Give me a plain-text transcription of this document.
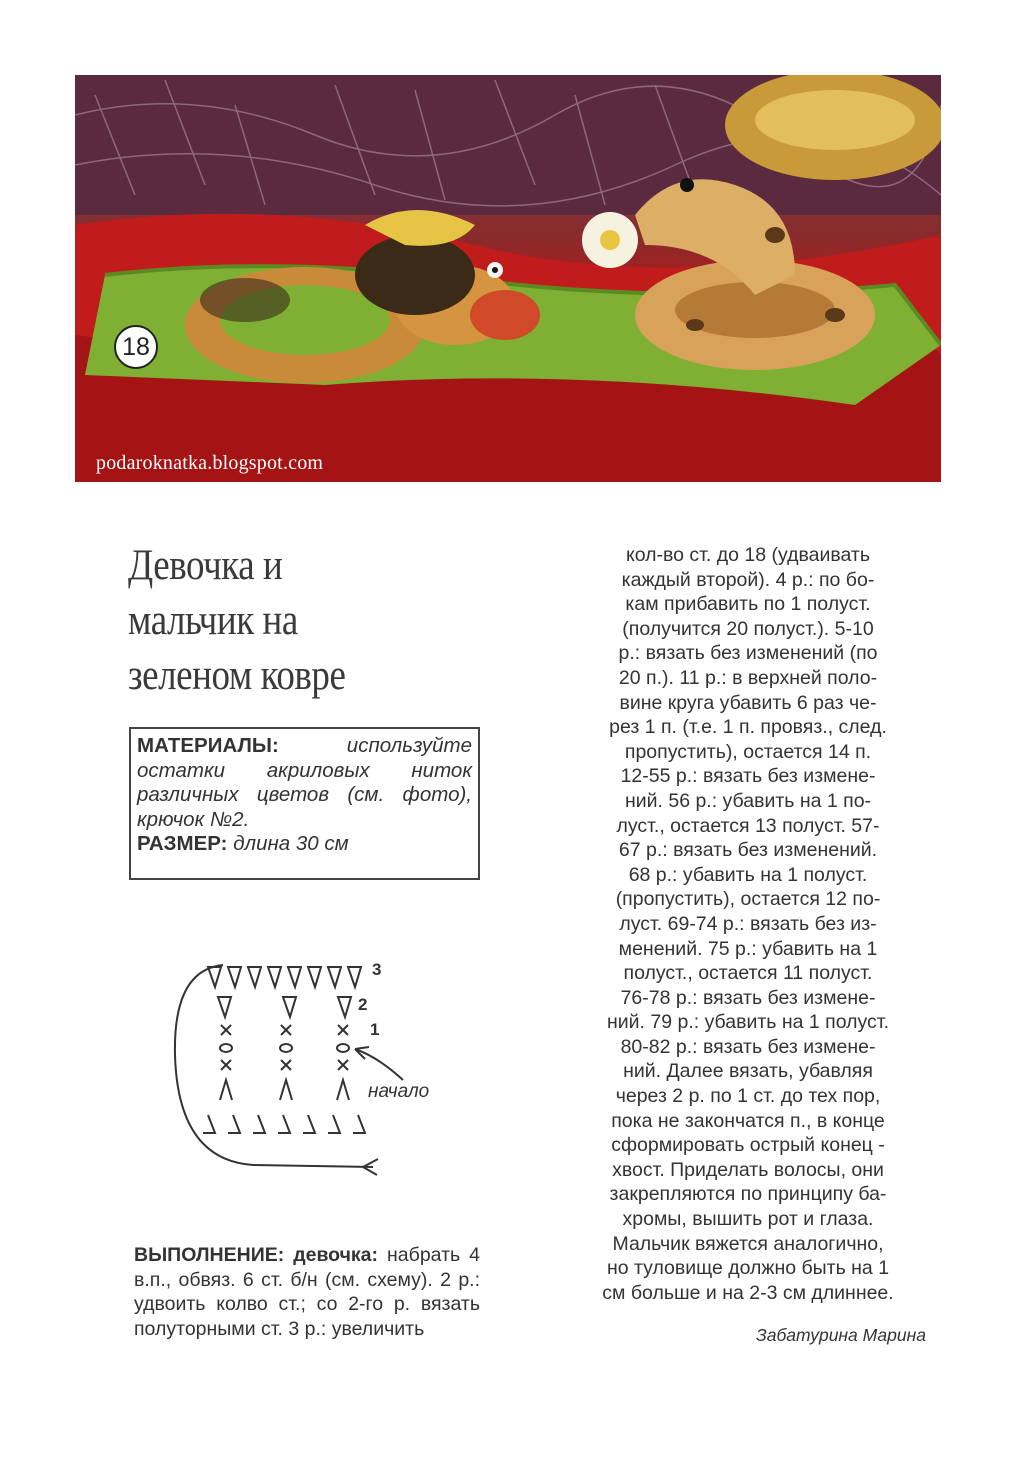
18
podaroknatka.blogspot.com
Девочка и
мальчик на
зеленом ковре

МАТЕРИАЛЫ:	используйте остатки акриловых ниток различных цветов (см. фото), крючок №2.

РАЗМЕР: длина 30 см

3
2
1
начало

ВЫПОЛНЕНИЕ: девочка: набрать 4 в.п., обвяз. 6 ст. б/н (см. схему). 2 р.: удвоить колво ст.; со 2-го р. вязать полуторными ст. 3 р.: увеличить

кол-во ст. до 18 (удваивать
каждый второй). 4 р.: по бо-
кам прибавить по 1 полуст.
(получится 20 полуст.). 5-10
р.: вязать без изменений (по
20 п.). 11 р.: в верхней поло-
вине круга убавить 6 раз че-
рез 1 п. (т.е. 1 п. провяз., след.
пропустить), остается 14 п.
12-55 р.: вязать без измене-
ний. 56 р.: убавить на 1 по-
луст., остается 13 полуст. 57-
67 р.: вязать без изменений.
68 р.: убавить на 1 полуст.
(пропустить), остается 12 по-
луст. 69-74 р.: вязать без из-
менений. 75 р.: убавить на 1
полуст., остается 11 полуст.
76-78 р.: вязать без измене-
ний. 79 р.: убавить на 1 полуст.
80-82 р.: вязать без измене-
ний. Далее вязать, убавляя
через 2 р. по 1 ст. до тех пор,
пока не закончатся п., в конце
сформировать острый конец -
хвост. Приделать волосы, они
закрепляются по принципу ба-
хромы, вышить рот и глаза.
Мальчик вяжется аналогично,
но туловище должно быть на 1
см больше и на 2-3 см длиннее.
Забатурина Марина
